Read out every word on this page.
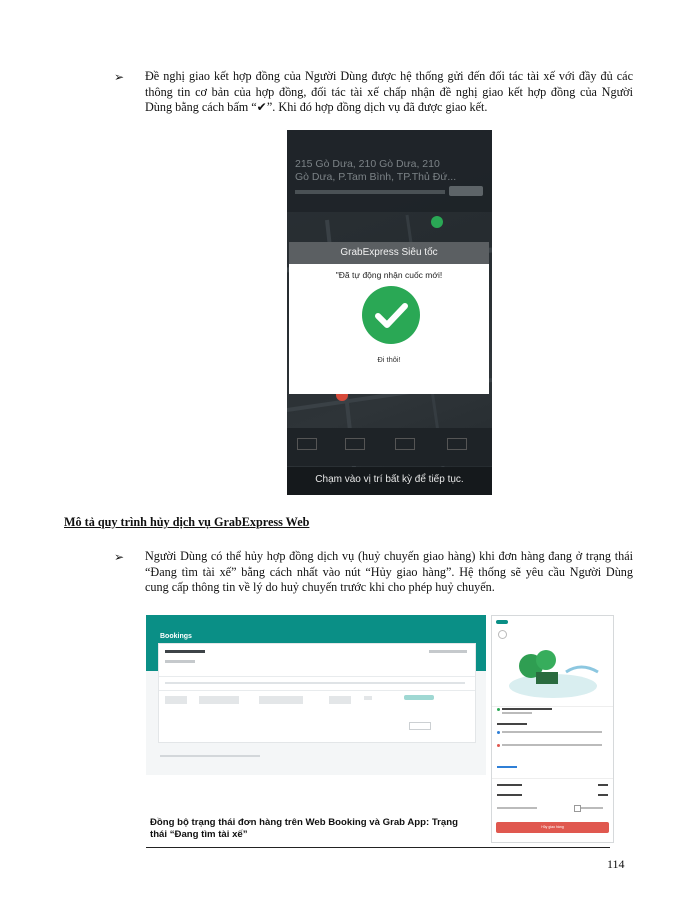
➢ Đề nghị giao kết hợp đồng của Người Dùng được hệ thống gửi đến đối tác tài xế với đầy đủ các
thông tin cơ bản của hợp đồng, đối tác tài xế chấp nhận đề nghị giao kết hợp đồng của Người
Dùng bằng cách bấm “✔”. Khi đó hợp đồng dịch vụ đã được giao kết.
215 Gò Dưa, 210 Gò Dưa, 210
Gò Dưa, P.Tam Bình, TP.Thủ Đứ...
GrabExpress Siêu tốc
"Đã tự động nhận cuốc mới!
Đi thôi!
Chạm vào vị trí bất kỳ để tiếp tục.
Mô tả quy trình hủy dịch vụ GrabExpress Web
➢ Người Dùng có thể hủy hợp đồng dịch vụ (huỷ chuyến giao hàng) khi đơn hàng đang ở trạng thái
“Đang tìm tài xế” bằng cách nhất vào nút “Hủy giao hàng”. Hệ thống sẽ yêu cầu Người Dùng
cung cấp thông tin về lý do huỷ chuyến trước khi cho phép huỷ chuyến.
Bookings
Đồng bộ trạng thái đơn hàng trên Web Booking và Grab App: Trạng
thái “Đang tìm tài xế”
Hủy giao hàng
114
